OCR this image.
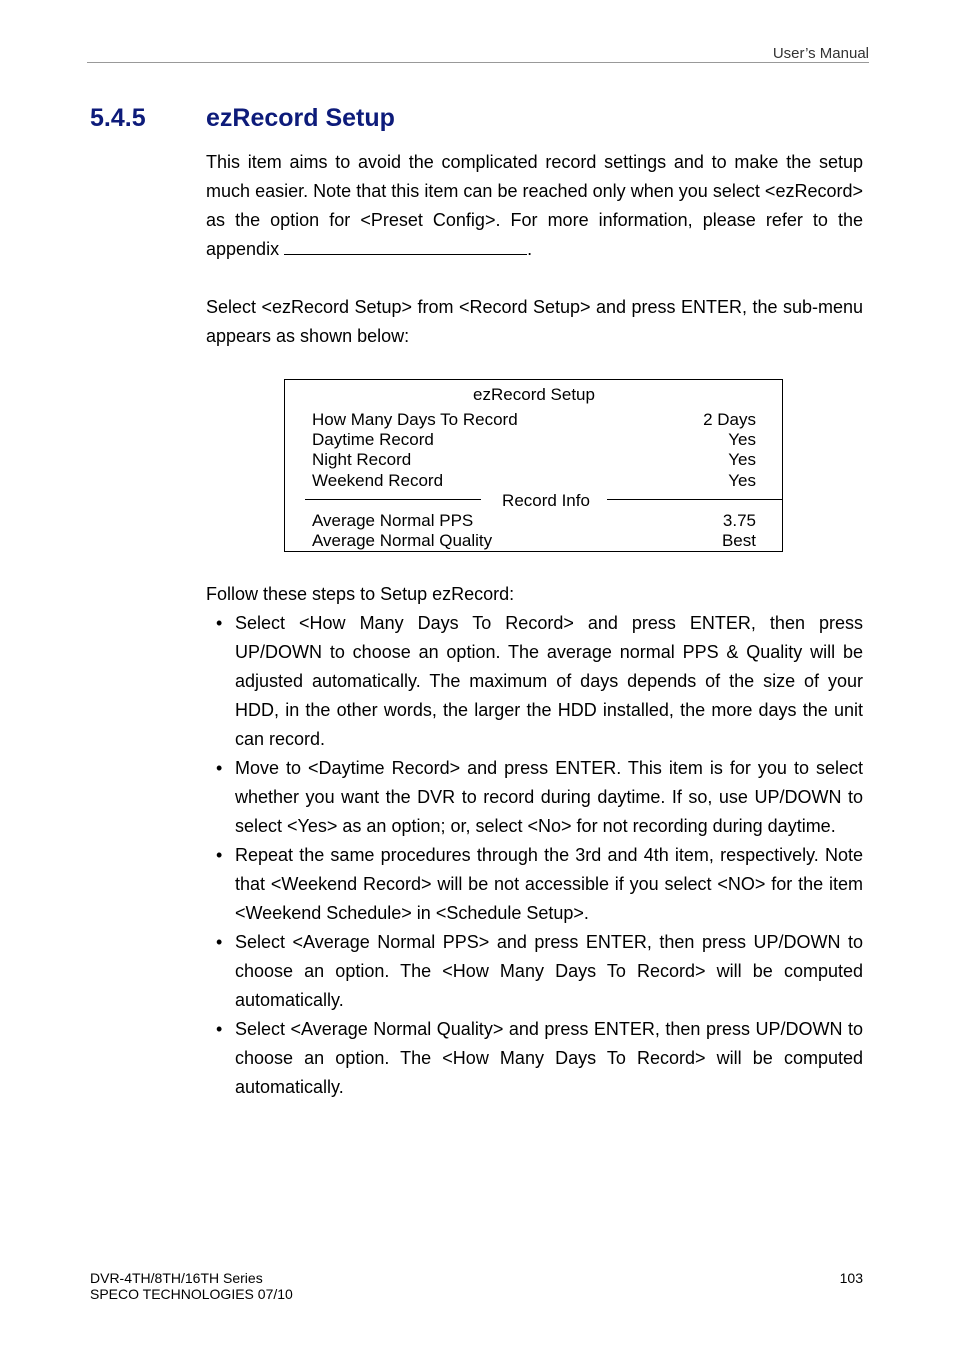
User’s Manual
5.4.5 ezRecord Setup
This item aims to avoid the complicated record settings and to make the setup much easier. Note that this item can be reached only when you select <ezRecord> as the option for <Preset Config>. For more information, please refer to the appendix	.
Select <ezRecord Setup> from <Record Setup> and press ENTER, the sub-menu appears as shown below:
ezRecord Setup
How Many Days To Record	2 Days
Daytime Record	Yes
Night Record	Yes
Weekend Record	Yes
Record Info
Average Normal PPS	3.75
Average Normal Quality	Best
Follow these steps to Setup ezRecord:
• Select <How Many Days To Record> and press ENTER, then press UP/DOWN to choose an option. The average normal PPS & Quality will be adjusted automatically. The maximum of days depends of the size of your HDD, in the other words, the larger the HDD installed, the more days the unit can record.
• Move to <Daytime Record> and press ENTER. This item is for you to select whether you want the DVR to record during daytime. If so, use UP/DOWN to select <Yes> as an option; or, select <No> for not recording during daytime.
• Repeat the same procedures through the 3rd and 4th item, respectively. Note that <Weekend Record> will be not accessible if you select <NO> for the item <Weekend Schedule> in <Schedule Setup>.
• Select <Average Normal PPS> and press ENTER, then press UP/DOWN to choose an option. The <How Many Days To Record> will be computed automatically.
• Select <Average Normal Quality> and press ENTER, then press UP/DOWN to choose an option. The <How Many Days To Record> will be computed automatically.
DVR-4TH/8TH/16TH Series
SPECO TECHNOLOGIES 07/10
103
